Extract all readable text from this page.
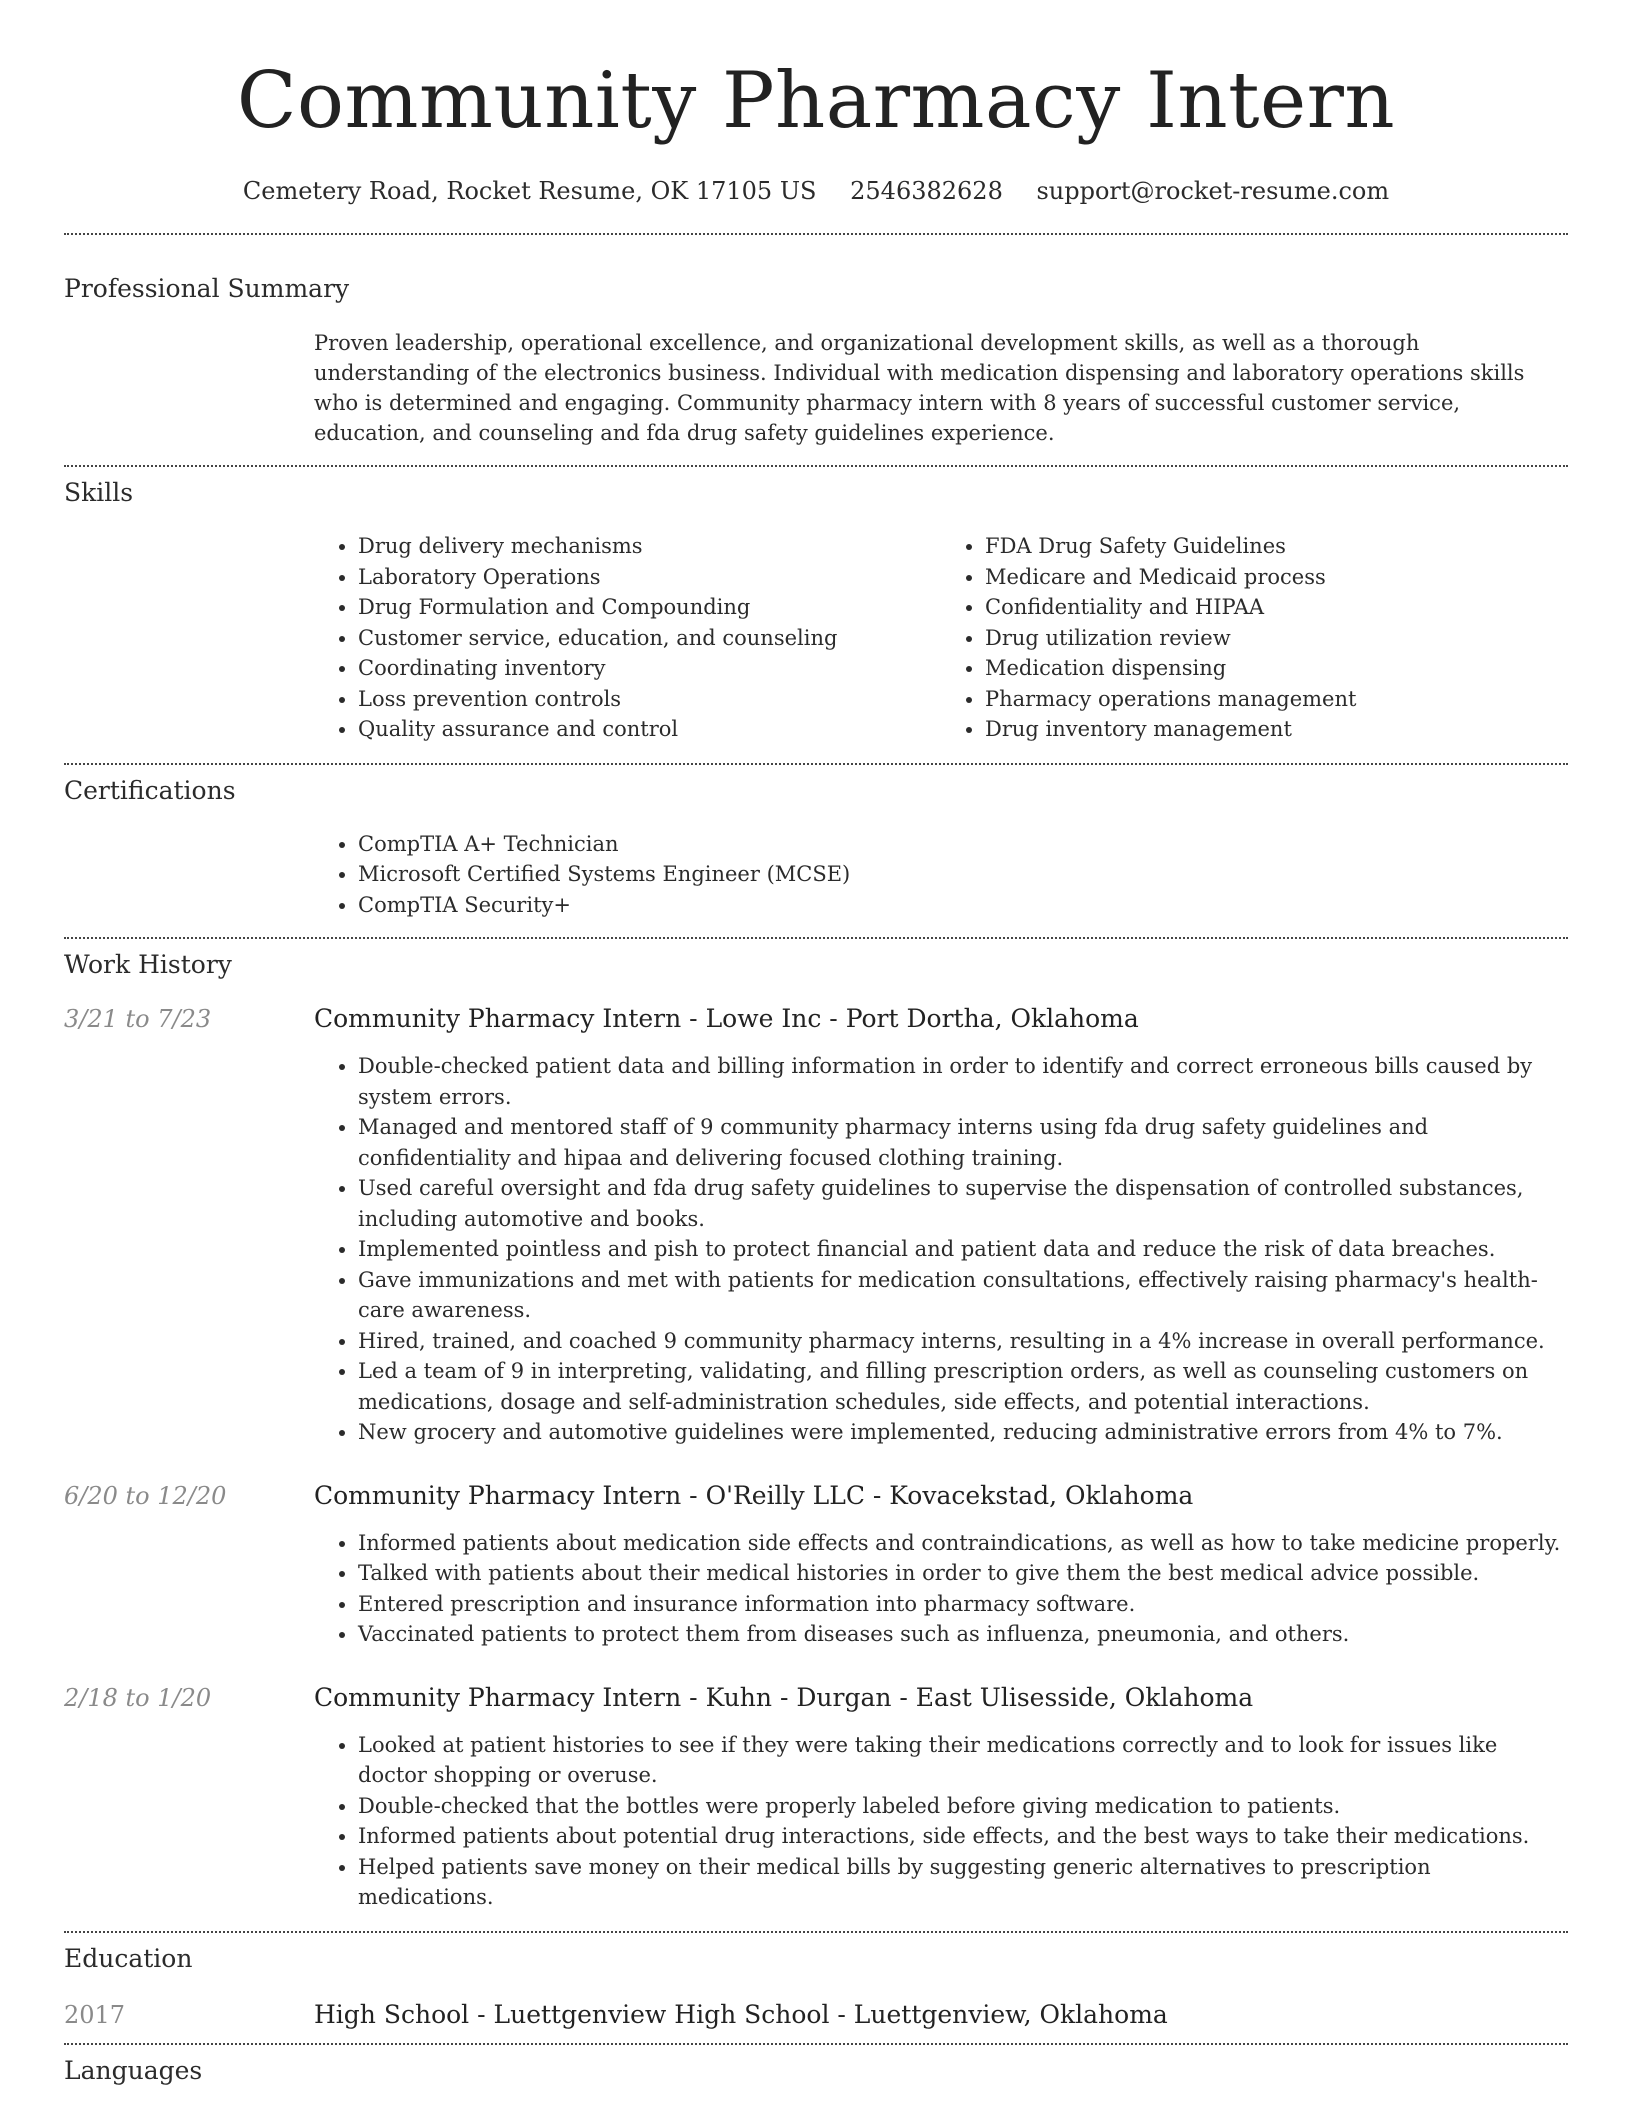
Community Pharmacy Intern
Cemetery Road, Rocket Resume, OK 17105 US 2546382628 support@rocket-resume.com
Professional Summary
Proven leadership, operational excellence, and organizational development skills, as well as a thorough understanding of the electronics business. Individual with medication dispensing and laboratory operations skills who is determined and engaging. Community pharmacy intern with 8 years of successful customer service, education, and counseling and fda drug safety guidelines experience.
Skills
• Drug delivery mechanisms
• Laboratory Operations
• Drug Formulation and Compounding
• Customer service, education, and counseling
• Coordinating inventory
• Loss prevention controls
• Quality assurance and control
• FDA Drug Safety Guidelines
• Medicare and Medicaid process
• Confidentiality and HIPAA
• Drug utilization review
• Medication dispensing
• Pharmacy operations management
• Drug inventory management
Certifications
• CompTIA A+ Technician
• Microsoft Certified Systems Engineer (MCSE)
• CompTIA Security+
Work History
3/21 to 7/23	Community Pharmacy Intern - Lowe Inc - Port Dortha, Oklahoma
• Double-checked patient data and billing information in order to identify and correct erroneous bills caused by system errors.
• Managed and mentored staff of 9 community pharmacy interns using fda drug safety guidelines and confidentiality and hipaa and delivering focused clothing training.
• Used careful oversight and fda drug safety guidelines to supervise the dispensation of controlled substances, including automotive and books.
• Implemented pointless and pish to protect financial and patient data and reduce the risk of data breaches.
• Gave immunizations and met with patients for medication consultations, effectively raising pharmacy's health-care awareness.
• Hired, trained, and coached 9 community pharmacy interns, resulting in a 4% increase in overall performance.
• Led a team of 9 in interpreting, validating, and filling prescription orders, as well as counseling customers on medications, dosage and self-administration schedules, side effects, and potential interactions.
• New grocery and automotive guidelines were implemented, reducing administrative errors from 4% to 7%.
6/20 to 12/20	Community Pharmacy Intern - O'Reilly LLC - Kovacekstad, Oklahoma
• Informed patients about medication side effects and contraindications, as well as how to take medicine properly.
• Talked with patients about their medical histories in order to give them the best medical advice possible.
• Entered prescription and insurance information into pharmacy software.
• Vaccinated patients to protect them from diseases such as influenza, pneumonia, and others.
2/18 to 1/20	Community Pharmacy Intern - Kuhn - Durgan - East Ulisesside, Oklahoma
• Looked at patient histories to see if they were taking their medications correctly and to look for issues like doctor shopping or overuse.
• Double-checked that the bottles were properly labeled before giving medication to patients.
• Informed patients about potential drug interactions, side effects, and the best ways to take their medications.
• Helped patients save money on their medical bills by suggesting generic alternatives to prescription medications.
Education
2017	High School - Luettgenview High School - Luettgenview, Oklahoma
Languages
